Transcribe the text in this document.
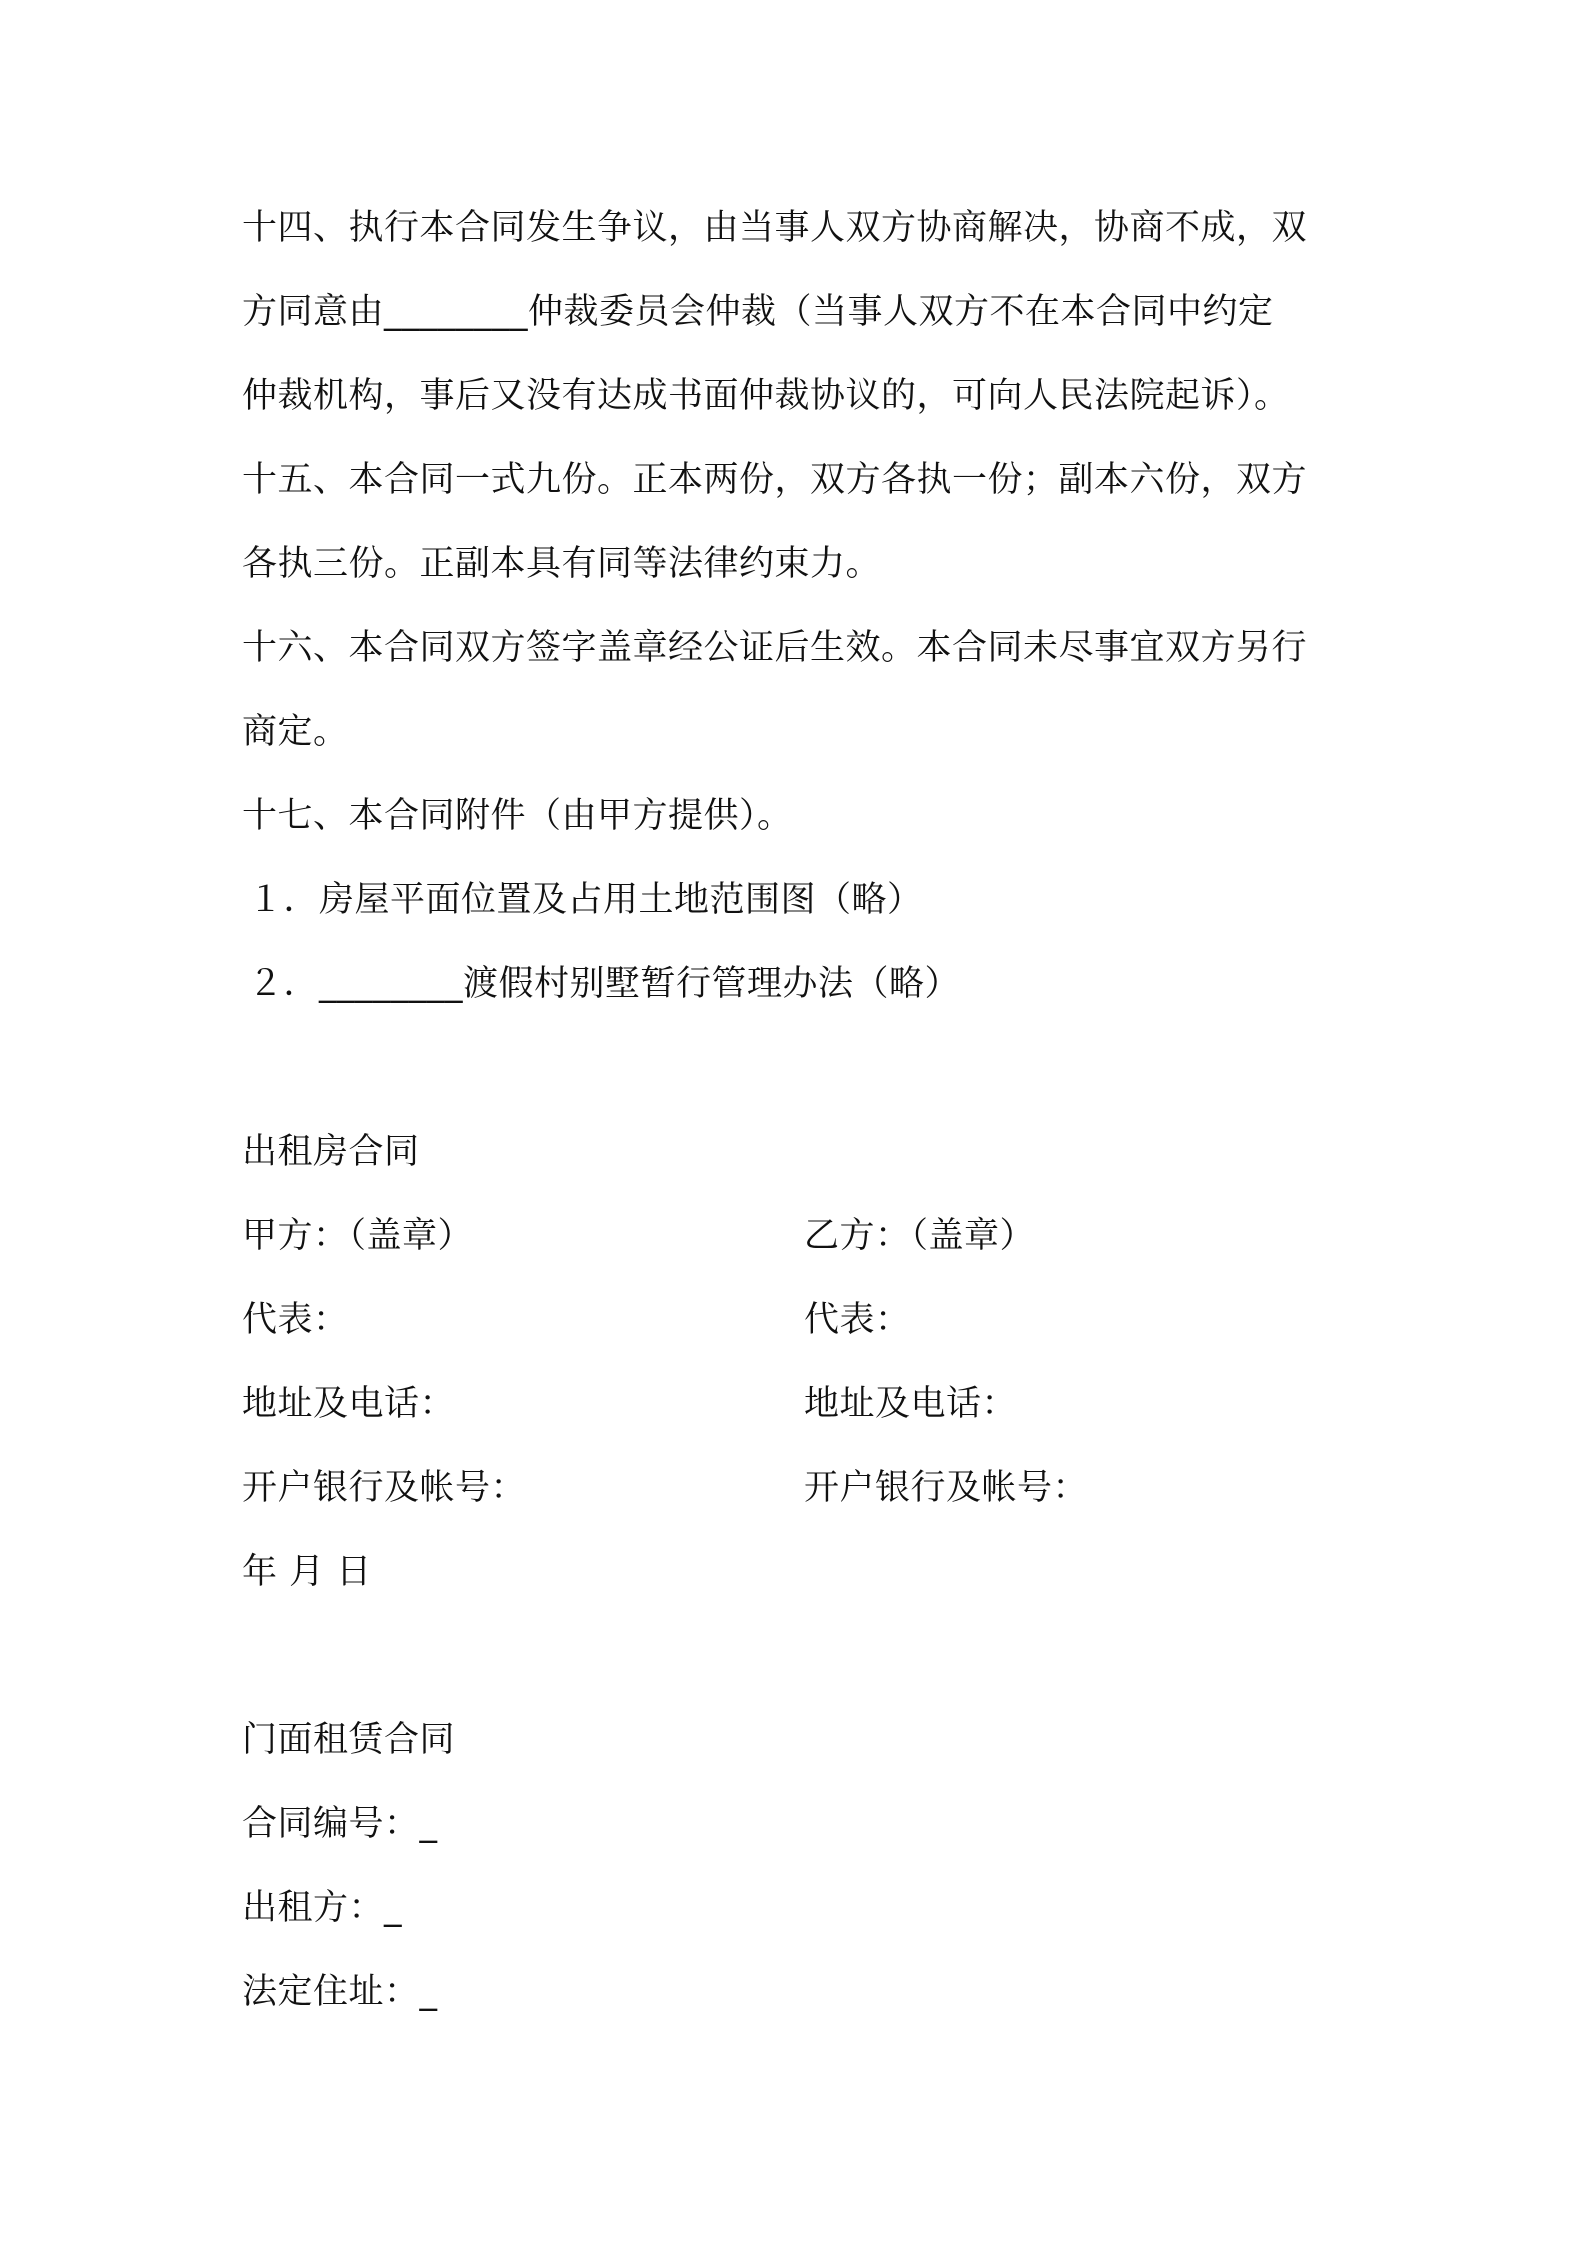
十四、执行本合同发生争议，由当事人双方协商解决，协商不成，双
方同意由________仲裁委员会仲裁（当事人双方不在本合同中约定
仲裁机构，事后又没有达成书面仲裁协议的，可向人民法院起诉）。
十五、本合同一式九份。正本两份，双方各执一份；副本六份，双方
各执三份。正副本具有同等法律约束力。
十六、本合同双方签字盖章经公证后生效。本合同未尽事宜双方另行
商定。
十七、本合同附件（由甲方提供）。
１．房屋平面位置及占用土地范围图（略）
２．________渡假村别墅暂行管理办法（略）
出租房合同
甲方：（盖章）	乙方：（盖章）
代表：	代表：
地址及电话：	地址及电话：
开户银行及帐号：	开户银行及帐号：
年 月 日
门面租赁合同
合同编号：_
出租方：_
法定住址：_
